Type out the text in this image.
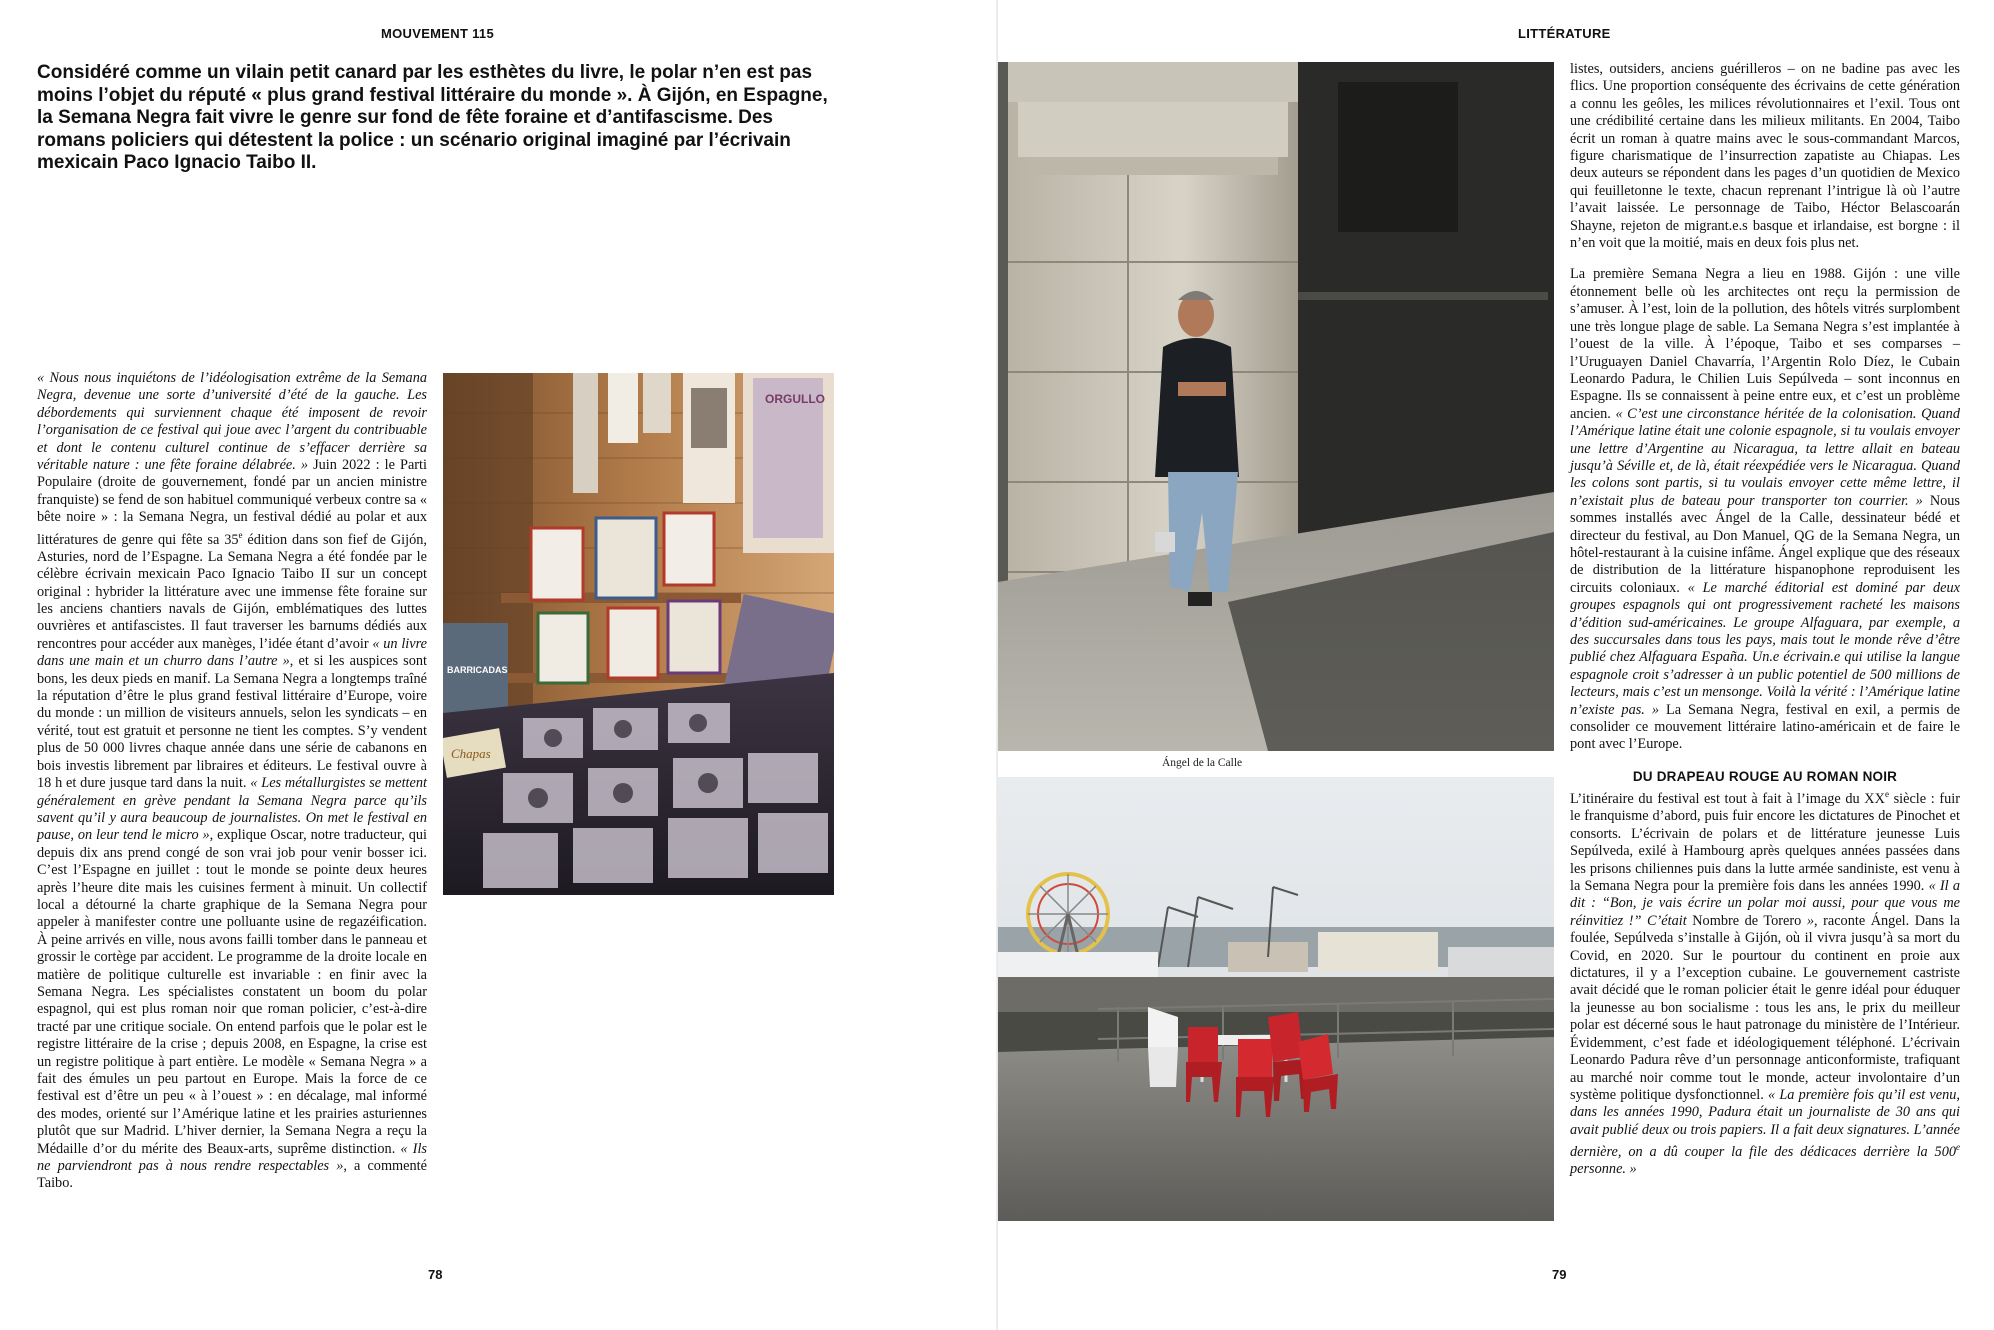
MOUVEMENT 115	LITTÉRATURE

Considéré comme un vilain petit canard par les esthètes du livre, le polar n’en est pas moins l’objet du réputé « plus grand festival littéraire du monde ». À Gijón, en Espagne, la Semana Negra fait vivre le genre sur fond de fête foraine et d’antifascisme. Des romans policiers qui détestent la police : un scénario original imaginé par l’écrivain mexicain Paco Ignacio Taibo II.

« Nous nous inquiétons de l’idéologisation extrême de la Semana Negra, devenue une sorte d’université d’été de la gauche. Les débordements qui surviennent chaque été imposent de revoir l’organisation de ce festival qui joue avec l’argent du contribuable et dont le contenu culturel continue de s’effacer derrière sa véritable nature : une fête foraine délabrée. » Juin 2022 : le Parti Populaire (droite de gouvernement, fondé par un ancien ministre franquiste) se fend de son habituel communiqué verbeux contre sa « bête noire » : la Semana Negra, un festival dédié au polar et aux littératures de genre qui fête sa 35e édition dans son fief de Gijón, Asturies, nord de l’Espagne. La Semana Negra a été fondée par le célèbre écrivain mexicain Paco Ignacio Taibo II sur un concept original : hybrider la littérature avec une immense fête foraine sur les anciens chantiers navals de Gijón, emblématiques des luttes ouvrières et antifascistes. Il faut traverser les barnums dédiés aux rencontres pour accéder aux manèges, l’idée étant d’avoir « un livre dans une main et un churro dans l’autre », et si les auspices sont bons, les deux pieds en manif. La Semana Negra a longtemps traîné la réputation d’être le plus grand festival littéraire d’Europe, voire du monde : un million de visiteurs annuels, selon les syndicats – en vérité, tout est gratuit et personne ne tient les comptes. S’y vendent plus de 50 000 livres chaque année dans une série de cabanons en bois investis librement par libraires et éditeurs. Le festival ouvre à 18 h et dure jusque tard dans la nuit. « Les métallurgistes se mettent généralement en grève pendant la Semana Negra parce qu’ils savent qu’il y aura beaucoup de journalistes. On met le festival en pause, on leur tend le micro », explique Oscar, notre traducteur, qui depuis dix ans prend congé de son vrai job pour venir bosser ici. C’est l’Espagne en juillet : tout le monde se pointe deux heures après l’heure dite mais les cuisines ferment à minuit. Un collectif local a détourné la charte graphique de la Semana Negra pour appeler à manifester contre une polluante usine de regazéification. À peine arrivés en ville, nous avons failli tomber dans le panneau et grossir le cortège par accident. Le programme de la droite locale en matière de politique culturelle est invariable : en finir avec la Semana Negra. Les spécialistes constatent un boom du polar espagnol, qui est plus roman noir que roman policier, c’est-à-dire tracté par une critique sociale. On entend parfois que le polar est le registre littéraire de la crise ; depuis 2008, en Espagne, la crise est un registre politique à part entière. Le modèle « Semana Negra » a fait des émules un peu partout en Europe. Mais la force de ce festival est d’être un peu « à l’ouest » : en décalage, mal informé des modes, orienté sur l’Amérique latine et les prairies asturiennes plutôt que sur Madrid. L’hiver dernier, la Semana Negra a reçu la Médaille d’or du mérite des Beaux-arts, suprême distinction. « Ils ne parviendront pas à nous rendre respectables », a commenté Taibo.

ORGULLO
BARRICADAS
Chapas
Ángel de la Calle

listes, outsiders, anciens guérilleros – on ne badine pas avec les flics. Une proportion conséquente des écrivains de cette génération a connu les geôles, les milices révolutionnaires et l’exil. Tous ont une crédibilité certaine dans les milieux militants. En 2004, Taibo écrit un roman à quatre mains avec le sous-commandant Marcos, figure charismatique de l’insurrection zapatiste au Chiapas. Les deux auteurs se répondent dans les pages d’un quotidien de Mexico qui feuilletonne le texte, chacun reprenant l’intrigue là où l’autre l’avait laissée. Le personnage de Taibo, Héctor Belascoarán Shayne, rejeton de migrant.e.s basque et irlandaise, est borgne : il n’en voit que la moitié, mais en deux fois plus net.

La première Semana Negra a lieu en 1988. Gijón : une ville étonnement belle où les architectes ont reçu la permission de s’amuser. À l’est, loin de la pollution, des hôtels vitrés surplombent une très longue plage de sable. La Semana Negra s’est implantée à l’ouest de la ville. À l’époque, Taibo et ses comparses – l’Uruguayen Daniel Chavarría, l’Argentin Rolo Díez, le Cubain Leonardo Padura, le Chilien Luis Sepúlveda – sont inconnus en Espagne. Ils se connaissent à peine entre eux, et c’est un problème ancien. « C’est une circonstance héritée de la colonisation. Quand l’Amérique latine était une colonie espagnole, si tu voulais envoyer une lettre d’Argentine au Nicaragua, ta lettre allait en bateau jusqu’à Séville et, de là, était réexpédiée vers le Nicaragua. Quand les colons sont partis, si tu voulais envoyer cette même lettre, il n’existait plus de bateau pour transporter ton courrier. » Nous sommes installés avec Ángel de la Calle, dessinateur bédé et directeur du festival, au Don Manuel, QG de la Semana Negra, un hôtel-restaurant à la cuisine infâme. Ángel explique que des réseaux de distribution de la littérature hispanophone reproduisent les circuits coloniaux. « Le marché éditorial est dominé par deux groupes espagnols qui ont progressivement racheté les maisons d’édition sud-américaines. Le groupe Alfaguara, par exemple, a des succursales dans tous les pays, mais tout le monde rêve d’être publié chez Alfaguara España. Un.e écrivain.e qui utilise la langue espagnole croit s’adresser à un public potentiel de 500 millions de lecteurs, mais c’est un mensonge. Voilà la vérité : l’Amérique latine n’existe pas. » La Semana Negra, festival en exil, a permis de consolider ce mouvement littéraire latino-américain et de faire le pont avec l’Europe.

DU DRAPEAU ROUGE AU ROMAN NOIR

L’itinéraire du festival est tout à fait à l’image du XXe siècle : fuir le franquisme d’abord, puis fuir encore les dictatures de Pinochet et consorts. L’écrivain de polars et de littérature jeunesse Luis Sepúlveda, exilé à Hambourg après quelques années passées dans les prisons chiliennes puis dans la lutte armée sandiniste, est venu à la Semana Negra pour la première fois dans les années 1990. « Il a dit : “Bon, je vais écrire un polar moi aussi, pour que vous me réinvitiez !” C’était Nombre de Torero », raconte Ángel. Dans la foulée, Sepúlveda s’installe à Gijón, où il vivra jusqu’à sa mort du Covid, en 2020. Sur le pourtour du continent en proie aux dictatures, il y a l’exception cubaine. Le gouvernement castriste avait décidé que le roman policier était le genre idéal pour éduquer la jeunesse au bon socialisme : tous les ans, le prix du meilleur polar est décerné sous le haut patronage du ministère de l’Intérieur. Évidemment, c’est fade et idéologiquement téléphoné. L’écrivain Leonardo Padura rêve d’un personnage anticonformiste, trafiquant au marché noir comme tout le monde, acteur involontaire d’un système politique dysfonctionnel. « La première fois qu’il est venu, dans les années 1990, Padura était un journaliste de 30 ans qui avait publié deux ou trois papiers. Il a fait deux signatures. L’année dernière, on a dû couper la file des dédicaces derrière la 500e personne. »

78	79
